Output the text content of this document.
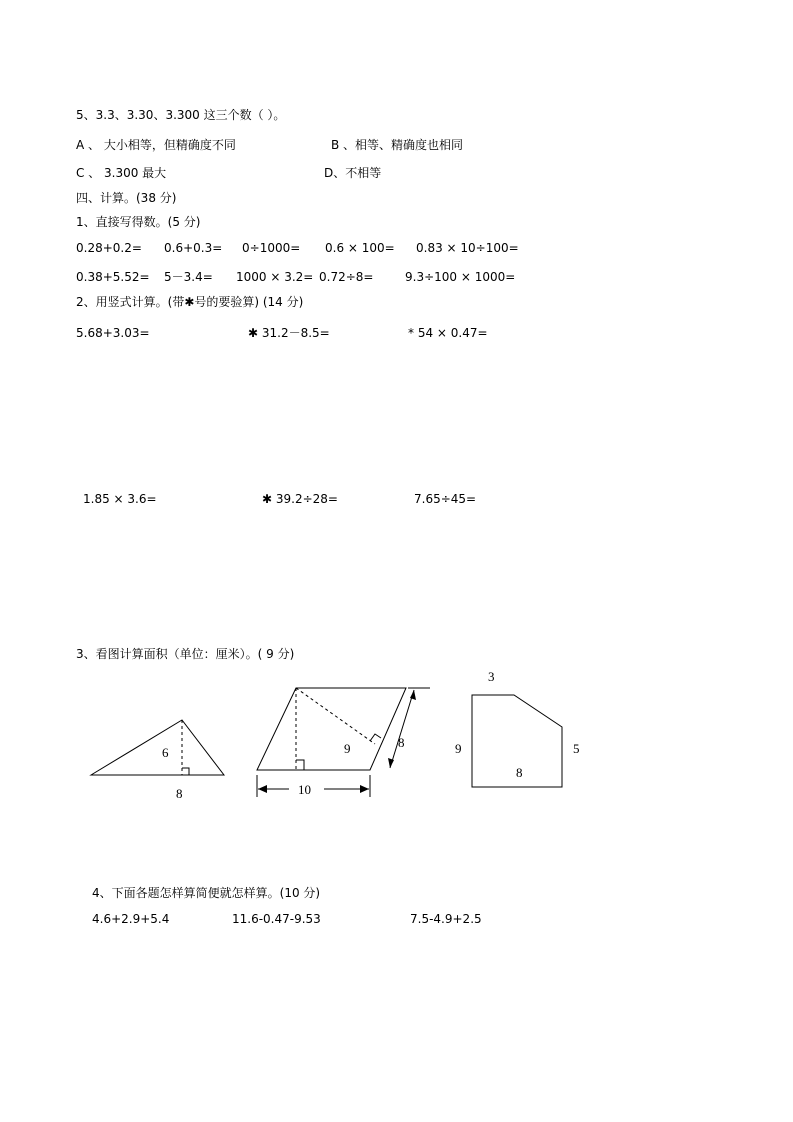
5、3.3、3.30、3.300 这三个数（ ）。
A 、 大小相等，但精确度不同	B 、相等、精确度也相同
C 、 3.300 最大	D、不相等
四、计算。(38 分)
1、直接写得数。(5 分)
0.28+0.2= 0.6+0.3= 0÷1000= 0.6 × 100= 0.83 × 10÷100=
0.38+5.52= 5－3.4= 1000 × 3.2= 0.72÷8=	9.3÷100 × 1000=
2、用竖式计算。(带✱号的要验算) (14 分)
5.68+3.03=	✱ 31.2－8.5=	* 54 × 0.47=
1.85 × 3.6=	✱ 39.2÷28=	7.65÷45=
3、看图计算面积（单位：厘米）。( 9 分)
6
8
9	8
10
3
9	5
8
4、下面各题怎样算简便就怎样算。(10 分)
4.6+2.9+5.4	11.6-0.47-9.53	7.5-4.9+2.5
